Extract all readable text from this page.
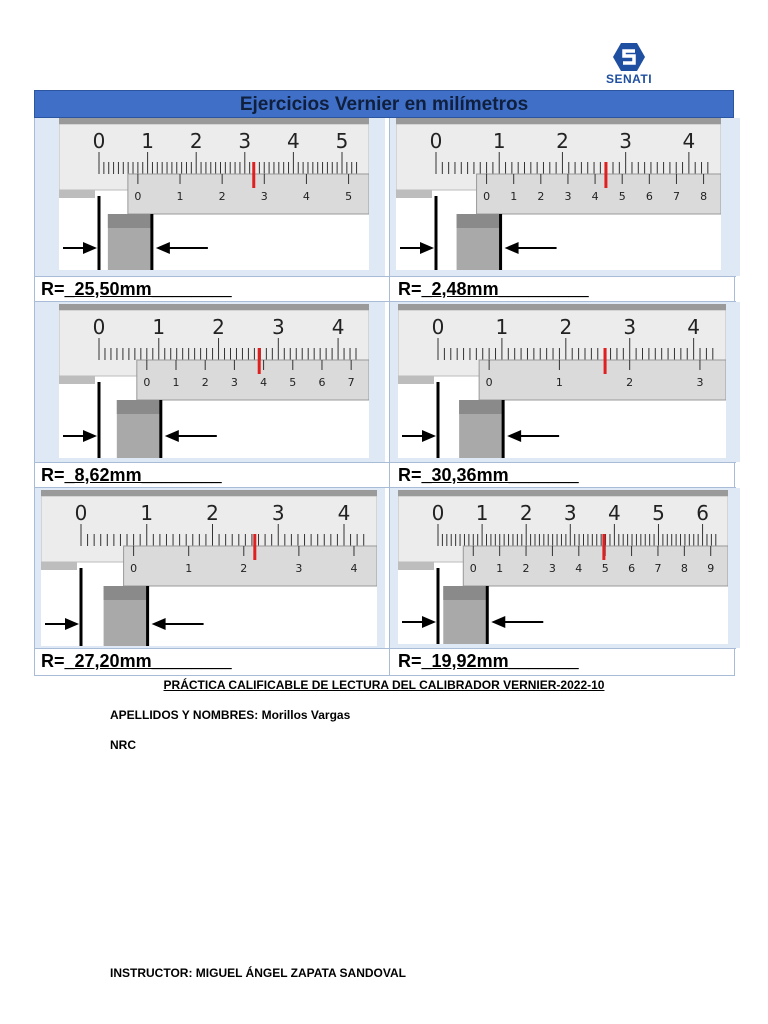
SENATI
Ejercicios Vernier en milímetros
0 1 2 3 4 5
0	1	2	3	4	5
0	1	2	3	4
0 1 2 3 4 5 6 7 8
R=_25,50mm________	R=_2,48mm_________
0 1 2 3 4
0 1 2 3 4 5 6 7
0	1	2	3	4
0	1	2	3
R=_8,62mm________	R=_30,36mm_______
0	1	2	3	4
0	1	2	3	4
0 1 2 3 4 5 6
0 1 2 3 4 5 6 7 8 9
R=_27,20mm________	R=_19,92mm_______
PRÁCTICA CALIFICABLE DE LECTURA DEL CALIBRADOR VERNIER-2022-10
APELLIDOS Y NOMBRES: Morillos Vargas
NRC
INSTRUCTOR: MIGUEL ÁNGEL ZAPATA SANDOVAL
